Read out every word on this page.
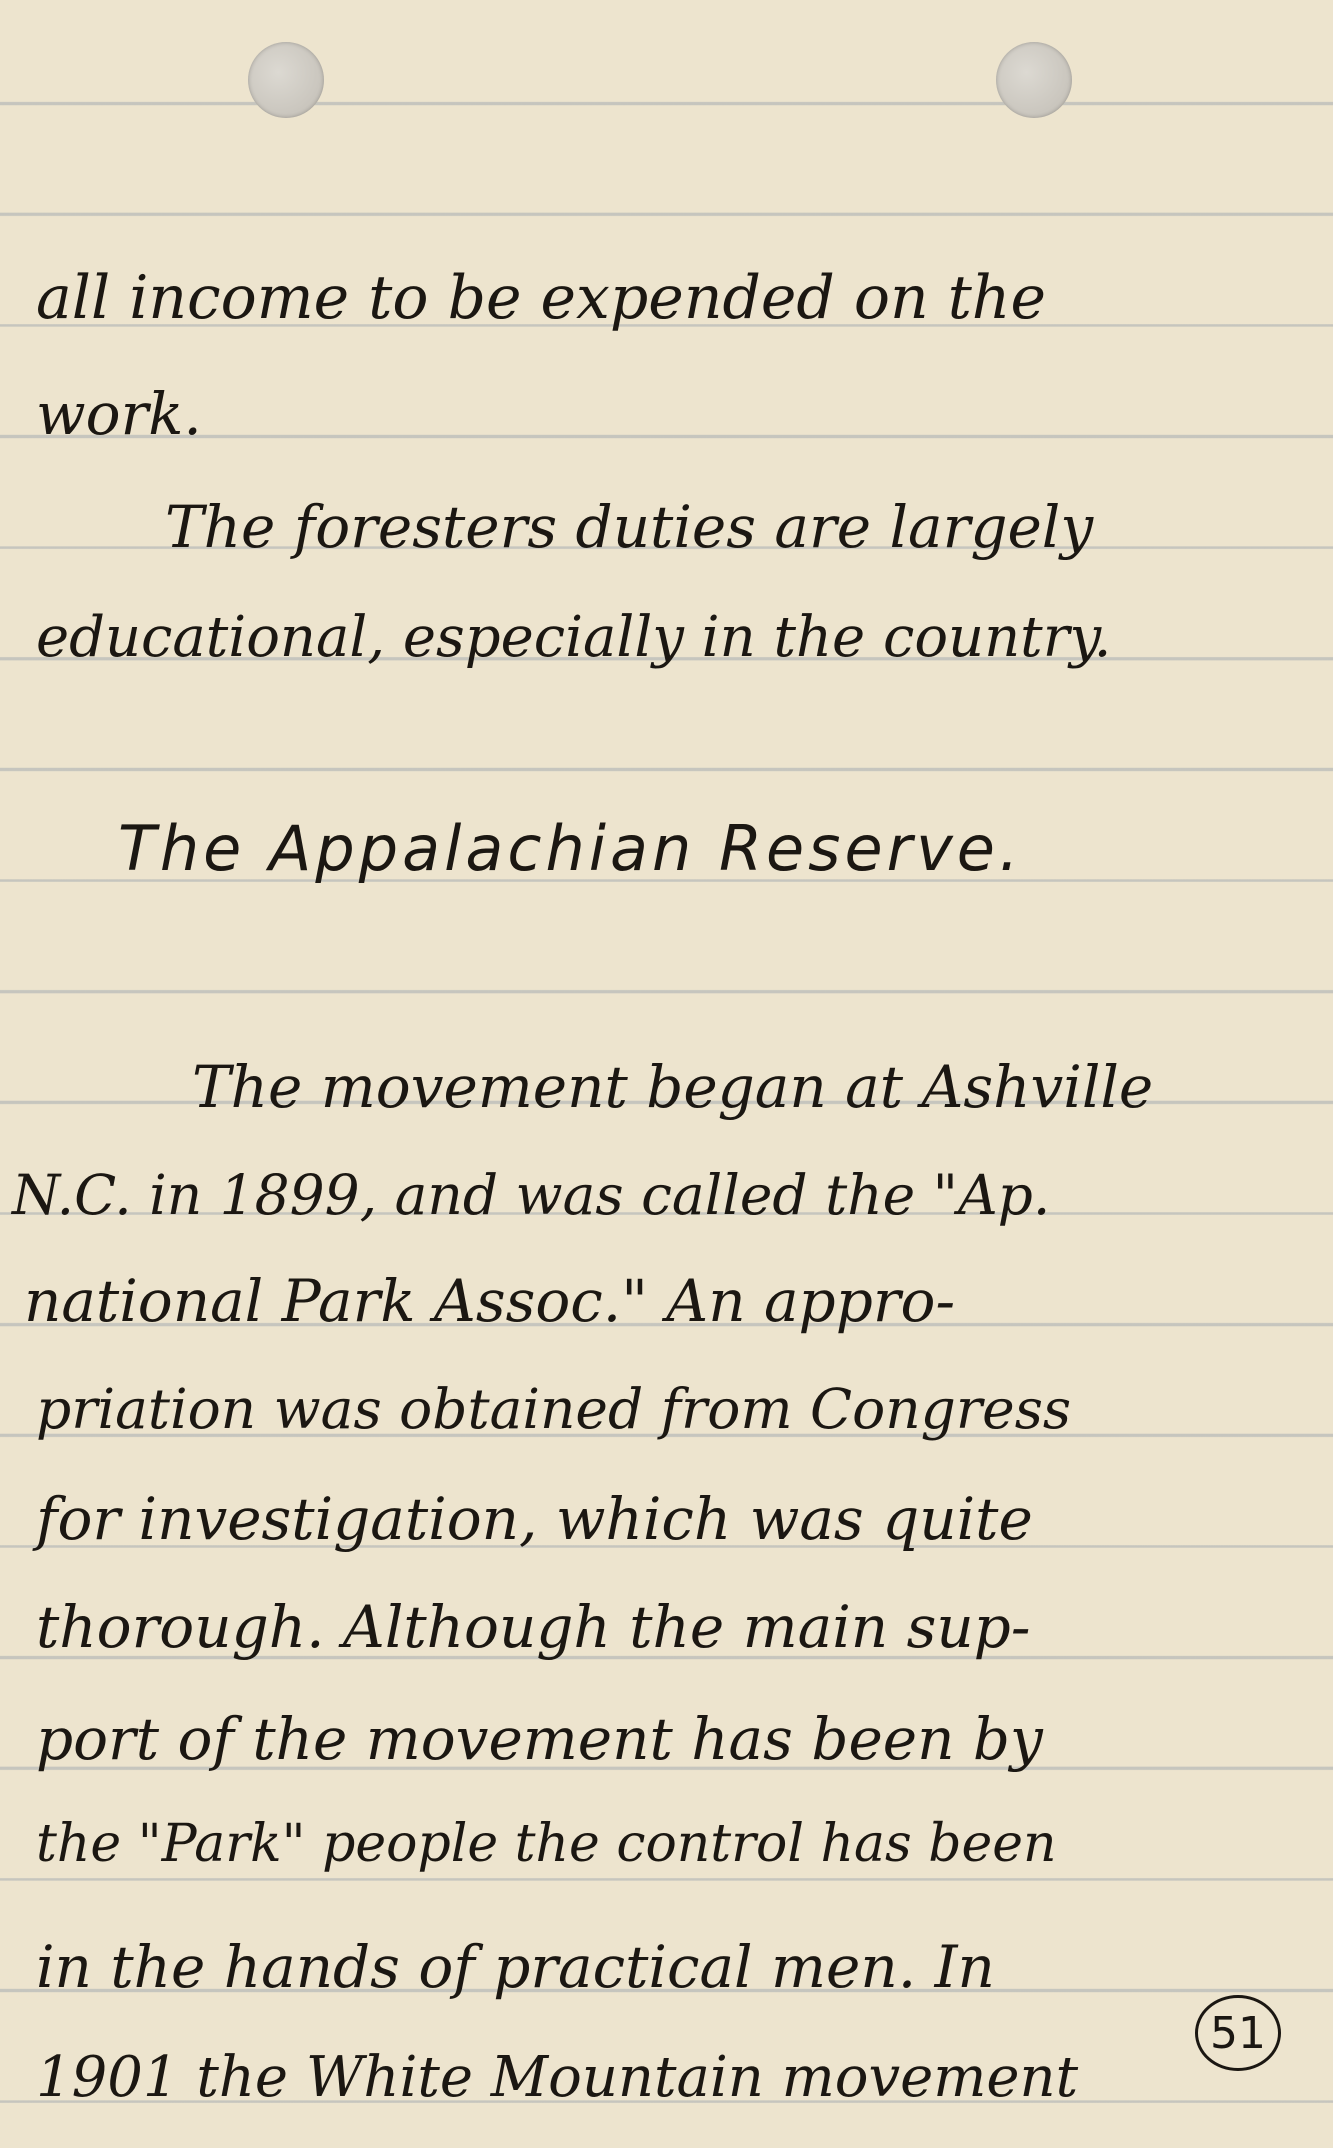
all income to be expended on the
work.
The foresters duties are largely
educational, especially in the country.
The Appalachian Reserve.
The movement began at Ashville
N.C. in 1899, and was called the "Ap.
national Park Assoc." An appro-
priation was obtained from Congress
for investigation, which was quite
thorough. Although the main sup-
port of the movement has been by
the "Park" people the control has been
in the hands of practical men. In
1901 the White Mountain movement
51
